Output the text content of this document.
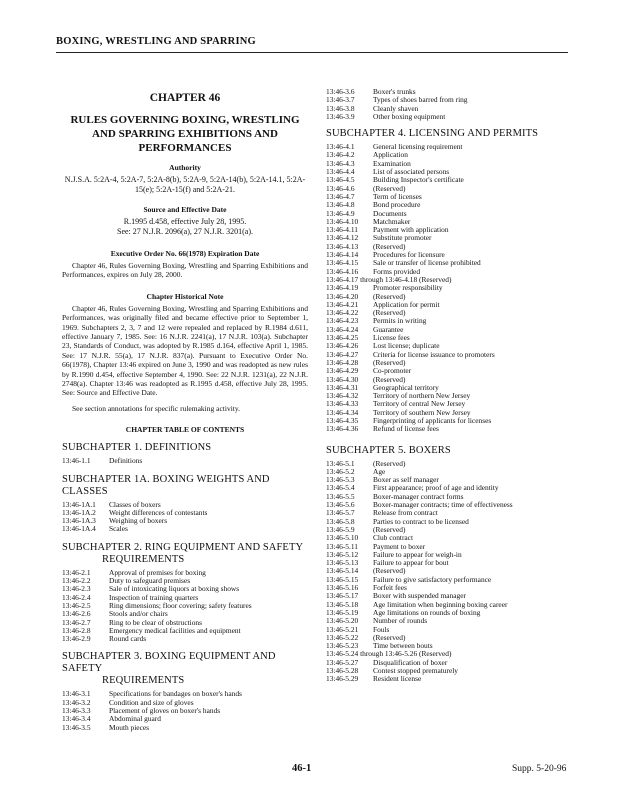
BOXING, WRESTLING AND SPARRING
CHAPTER 46
RULES GOVERNING BOXING, WRESTLING AND SPARRING EXHIBITIONS AND PERFORMANCES
Authority
N.J.S.A. 5:2A-4, 5:2A-7, 5:2A-8(b), 5:2A-9, 5:2A-14(b), 5:2A-14.1, 5:2A-15(e); 5:2A-15(f) and 5:2A-21.
Source and Effective Date
R.1995 d.458, effective July 28, 1995.
See: 27 N.J.R. 2096(a), 27 N.J.R. 3201(a).
Executive Order No. 66(1978) Expiration Date
Chapter 46, Rules Governing Boxing, Wrestling and Sparring Exhibitions and Performances, expires on July 28, 2000.
Chapter Historical Note
Chapter 46, Rules Governing Boxing, Wrestling and Sparring Exhibitions and Performances, was originally filed and became effective prior to September 1, 1969. Subchapters 2, 3, 7 and 12 were repealed and replaced by R.1984 d.611, effective January 7, 1985. See: 16 N.J.R. 2241(a), 17 N.J.R. 103(a). Subchapter 23, Standards of Conduct, was adopted by R.1985 d.164, effective April 1, 1985. See: 17 N.J.R. 55(a), 17 N.J.R. 837(a). Pursuant to Executive Order No. 66(1978), Chapter 13:46 expired on June 3, 1990 and was readopted as new rules by R.1990 d.454, effective September 4, 1990. See: 22 N.J.R. 1231(a), 22 N.J.R. 2748(a). Chapter 13:46 was readopted as R.1995 d.458, effective July 28, 1995. See: Source and Effective Date.
See section annotations for specific rulemaking activity.
CHAPTER TABLE OF CONTENTS
SUBCHAPTER 1. DEFINITIONS
13:46-1.1	Definitions
SUBCHAPTER 1A. BOXING WEIGHTS AND CLASSES
13:46-1A.1	Classes of boxers
13:46-1A.2	Weight differences of contestants
13:46-1A.3	Weighing of boxers
13:46-1A.4	Scales
SUBCHAPTER 2. RING EQUIPMENT AND SAFETY
REQUIREMENTS
13:46-2.1	Approval of premises for boxing
13:46-2.2	Duty to safeguard premises
13:46-2.3	Sale of intoxicating liquors at boxing shows
13:46-2.4	Inspection of training quarters
13:46-2.5	Ring dimensions; floor covering; safety features
13:46-2.6	Stools and/or chairs
13:46-2.7	Ring to be clear of obstructions
13:46-2.8	Emergency medical facilities and equipment
13:46-2.9	Round cards
SUBCHAPTER 3. BOXING EQUIPMENT AND SAFETY
REQUIREMENTS
13:46-3.1	Specifications for bandages on boxer's hands
13:46-3.2	Condition and size of gloves
13:46-3.3	Placement of gloves on boxer's hands
13:46-3.4	Abdominal guard
13:46-3.5	Mouth pieces
13:46-3.6	Boxer's trunks
13:46-3.7	Types of shoes barred from ring
13:46-3.8	Cleanly shaven
13:46-3.9	Other boxing equipment
SUBCHAPTER 4. LICENSING AND PERMITS
13:46-4.1	General licensing requirement
13:46-4.2	Application
13:46-4.3	Examination
13:46-4.4	List of associated persons
13:46-4.5	Building Inspector's certificate
13:46-4.6	(Reserved)
13:46-4.7	Term of licenses
13:46-4.8	Bond procedure
13:46-4.9	Documents
13:46-4.10	Matchmaker
13:46-4.11	Payment with application
13:46-4.12	Substitute promoter
13:46-4.13	(Reserved)
13:46-4.14	Procedures for licensure
13:46-4.15	Sale or transfer of license prohibited
13:46-4.16	Forms provided
13:46-4.17 through 13:46-4.18 (Reserved)
13:46-4.19	Promoter responsibility
13:46-4.20	(Reserved)
13:46-4.21	Application for permit
13:46-4.22	(Reserved)
13:46-4.23	Permits in writing
13:46-4.24	Guarantee
13:46-4.25	License fees
13:46-4.26	Lost license; duplicate
13:46-4.27	Criteria for license issuance to promoters
13:46-4.28	(Reserved)
13:46-4.29	Co-promoter
13:46-4.30	(Reserved)
13:46-4.31	Geographical territory
13:46-4.32	Territory of northern New Jersey
13:46-4.33	Territory of central New Jersey
13:46-4.34	Territory of southern New Jersey
13:46-4.35	Fingerprinting of applicants for licenses
13:46-4.36	Refund of license fees
SUBCHAPTER 5. BOXERS
13:46-5.1	(Reserved)
13:46-5.2	Age
13:46-5.3	Boxer as self manager
13:46-5.4	First appearance; proof of age and identity
13:46-5.5	Boxer-manager contract forms
13:46-5.6	Boxer-manager contracts; time of effectiveness
13:46-5.7	Release from contract
13:46-5.8	Parties to contract to be licensed
13:46-5.9	(Reserved)
13:46-5.10	Club contract
13:46-5.11	Payment to boxer
13:46-5.12	Failure to appear for weigh-in
13:46-5.13	Failure to appear for bout
13:46-5.14	(Reserved)
13:46-5.15	Failure to give satisfactory performance
13:46-5.16	Forfeit fees
13:46-5.17	Boxer with suspended manager
13:46-5.18	Age limitation when beginning boxing career
13:46-5.19	Age limitations on rounds of boxing
13:46-5.20	Number of rounds
13:46-5.21	Fouls
13:46-5.22	(Reserved)
13:46-5.23	Time between bouts
13:46-5.24 through 13:46-5.26 (Reserved)
13:46-5.27	Disqualification of boxer
13:46-5.28	Contest stopped prematurely
13:46-5.29	Resident license
46-1	Supp. 5-20-96
